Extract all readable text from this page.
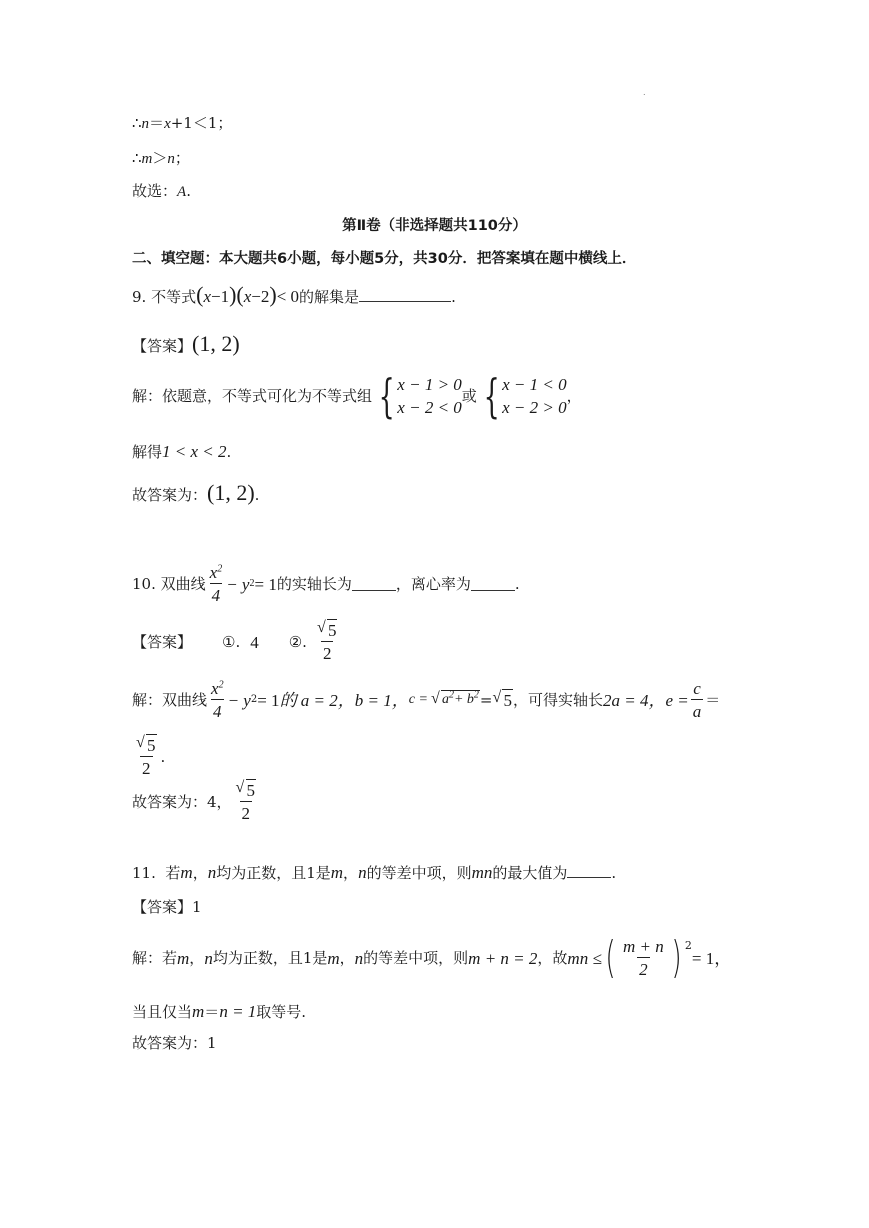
.
∴n＝x+1＜1；
∴m＞n；
故选：A.
第Ⅱ卷（非选择题共110分）
二、填空题：本大题共6小题，每小题5分，共30分．把答案填在题中横线上．
9. 不等式(x−1)(x−2)< 0的解集是	.
【答案】(1, 2)
解：依题意，不等式可化为不等式组 { x − 1 > 0
x − 2 < 0
或 { x − 1 < 0
x − 2 > 0
，
解得1 < x < 2.
故答案为：(1, 2).
10.
双曲线 $\frac{x^2}{4} - y$ 2 = 1 的实轴长为	，离心率为	.
【答案】 ①. 4 ②. $\frac{√ 5}{2}$
解：双曲线 $\frac{x^2}{4} - y$ 2 = 1 的 a = 2 ，b = 1， c = √ $a^2+ b^2$ = √ 5 ，可得实轴长 2a = 4 ，$e = \frac{c}{a}$ ＝
$\frac{√ 5}{2}$ .
故答案为：4， $\frac{√ 5}{2}$
11. 若m，n均为正数，且1是m，n的等差中项，则mn的最大值为	.
【答案】1
解：若 m ， n 均为正数，且1是 m ， n 的等差中项，则 m + n = 2 ，故 mn ≤ ( $\frac{m + n}{2}$ ) $^2$
= 1，
当且仅当m＝n = 1取等号.
故答案为：1
